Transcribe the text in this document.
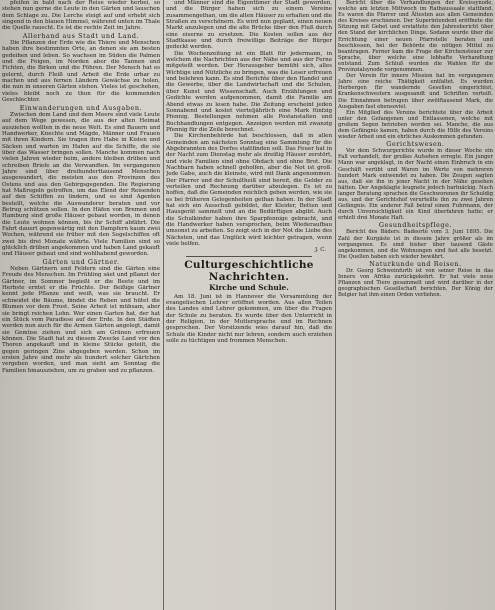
pfeifen in bald nach der Reise wieder herbei, so stehen nun gerne die Leute in den Gärten und lauschen dem Schlage zu. Die Lerche steigt auf und erhebt sich singend in den blauen Himmel, während unten im Thale die Quelle rauscht. Es ist die rechte Zeit im Jahre.

Allerhand aus Stadt und Land.

Die Pflanzen der Erde wie die Thiere und Menschen haben ihre bestimmten Orte, an denen sie am besten gedeihen und leben. So wachsen im Süden die Palmen und die Feigen, im Norden aber die Tannen und Fichten, die Birken und die Föhren. Der Mensch hat es gelernt, durch Fleiß und Arbeit die Erde urbar zu machen und aus fernen Ländern Gewächse zu holen, die nun in unseren Gärten stehen. Vieles ist geschehen, vieles bleibt noch zu thun für die kommenden Geschlechter.

Einwanderungen und Ausgaben.

Zwischen dem Land und dem Meere sind viele Leute auf dem Wege gewesen, die aus der alten Heimat ausziehen wollten in die neue Welt. Es sind Bauern und Handwerker, Knechte und Mägde, Männer und Frauen mit ihren Kindern. Sie tragen ihre Habe in Kisten und Säcken und warten im Hafen auf die Schiffe, die sie über das Wasser bringen sollen. Manche kommen nach vielen Jahren wieder heim, andere bleiben drüben und schreiben Briefe an die Verwandten. Im vergangenen Jahre sind über dreihunderttausend Menschen ausgewandert, die meisten aus den Provinzen des Ostens und aus den Gebirgsgegenden. Die Regierung hat Maßregeln getroffen, um das Elend der Reisenden auf den Schiffen zu lindern, und es sind Agenten bestellt, welche die Auswanderer beraten und vor Betrug schützen sollen. In den Häfen von Bremen und Hamburg sind große Häuser gebaut worden, in denen die Leute wohnen können, bis ihr Schiff abfährt. Die Fahrt dauert gegenwärtig mit den Dampfern kaum zwei Wochen, während sie früher mit den Segelschiffen oft zwei bis drei Monate währte. Viele Familien sind so glücklich drüben angekommen und haben Land gekauft und Häuser gebaut und sind wohlhabend geworden.

Gärten und Gärtner.

Neben Gärtnern und Feldern sind die Gärten eine Freude des Menschen. Im Frühling säet und pflanzt der Gärtner, im Sommer begießt er die Beete und im Herbste erntet er die Früchte. Der fleißige Gärtner kennt jede Pflanze und weiß, was sie braucht. Er schneidet die Bäume, bindet die Reben und hütet die Blumen vor dem Frost. Seine Arbeit ist mühsam, aber sie bringt reichen Lohn. Wer einen Garten hat, der hat ein Stück vom Paradiese auf der Erde. In den Städten werden nun auch für die Armen Gärten angelegt, damit sie Gemüse ziehen und sich am Grünen erfreuen können. Die Stadt hat zu diesem Zwecke Land vor den Thoren angekauft und in kleine Stücke geteilt, die gegen geringen Zins abgegeben werden. Schon im ersten Jahre sind mehr als hundert solcher Gärtchen vergeben worden, und man sieht am Sonntag die Familien hinausziehen, um zu graben und zu pflanzen.

und Männer sind die Eigentümer der Stadt geworden, und die Bürger haben sich zu einem Vereine zusammengethan, um die alten Häuser zu erhalten und die Straßen zu verschönern. Es wird nun geplant, einen neuen Markt anzulegen und die alte Brücke über den Fluß durch eine eiserne zu ersetzen. Die Kosten sollen aus der Stadtkasse und durch freiwillige Beiträge der Bürger gedeckt werden.

Die Wochenzeitung ist ein Blatt für jedermann, in welchem die Nachrichten aus der Nähe und aus der Ferne mitgeteilt werden. Der Herausgeber bemüht sich, alles Wichtige und Nützliche zu bringen, was die Leser erfreuen und belehren kann. Es sind Berichte über den Handel und die Gewerbe, über die Landwirtschaft und die Schulen, über Kunst und Wissenschaft. Auch Erzählungen und Gedichte werden aufgenommen, damit die Familie am Abend etwas zu lesen habe. Die Zeitung erscheint jeden Sonnabend und kostet vierteljährlich eine Mark fünfzig Pfennig. Bestellungen nehmen alle Postanstalten und Buchhandlungen entgegen. Anzeigen werden mit zwanzig Pfennig für die Zeile berechnet.

Die Kirchenbehörde hat beschlossen, daß in allen Gemeinden am nächsten Sonntag eine Sammlung für die Abgebrannten des Dorfes stattfinden soll. Das Feuer hat in der Nacht zum Dienstag mehr als dreißig Häuser zerstört, und viele Familien sind ohne Obdach und ohne Brot. Die Nachbarn haben schnell geholfen, aber die Not ist groß. Jede Gabe, auch die kleinste, wird mit Dank angenommen. Der Pfarrer und der Schultheiß sind bereit, die Gelder zu verteilen und Rechnung darüber abzulegen. Es ist zu hoffen, daß die Gemeinden reichlich geben werden, wie sie es bei früheren Gelegenheiten gethan haben. In der Stadt hat sich ein Ausschuß gebildet, der Kleider, Betten und Hausgerät sammelt und an die Bedürftigen abgibt. Auch die Schulkinder haben ihre Sparpfennige gebracht, und die Handwerker haben versprochen, beim Wiederaufbau umsonst zu arbeiten. So zeigt sich in der Not die Liebe des Nächsten, und das Unglück wird leichter getragen, wenn viele helfen.

J. C.
Culturgeschichtliche Nachrichten.
Kirche und Schule.

Am 18. Juni ist in Hannover die Versammlung der evangelischen Lehrer eröffnet worden. Aus allen Teilen des Landes sind Lehrer gekommen, um über die Fragen der Schule zu beraten. Es wurde über den Unterricht in der Religion, in der Muttersprache und im Rechnen gesprochen. Der Vorsitzende wies darauf hin, daß die Schule die Kinder nicht nur lehren, sondern auch erziehen solle zu tüchtigen und frommen Menschen.

Bericht über die Verhandlungen der Kreissynode, welche am letzten Mittwoch im Rathaussaale stattfand. Es waren die Pfarrer und Ältesten aus allen Gemeinden des Kreises erschienen. Der Superintendent eröffnete die Sitzung mit Gebet und erstattete den Jahresbericht über den Stand der kirchlichen Dinge. Sodann wurde über die Errichtung einer neuen Pfarrstelle beraten und beschlossen, bei der Behörde die nötigen Mittel zu beantragen. Ferner kam die Frage der Kirchensteuer zur Sprache, über welche eine lebhafte Verhandlung entstand. Zum Schluß wurden die Wahlen für die Provinzialsynode vorgenommen.

Der Verein für innere Mission hat im vergangenen Jahre eine reiche Thätigkeit entfaltet. Es wurden Herbergen für wandernde Gesellen eingerichtet, Krankenschwestern ausgesandt und Schriften verteilt. Die Einnahmen betrugen über zwölftausend Mark, die Ausgaben fast ebensoviel.

Ein Mitglied des Vereins berichtete über die Arbeit unter den Gefangenen und Entlassenen, welche mit großem Segen betrieben worden sei. Manche, die aus dem Gefängnis kamen, haben durch die Hilfe des Vereins wieder Arbeit und ein ehrliches Auskommen gefunden.

Gerichtswesen.

Vor dem Schwurgerichte wurde in dieser Woche ein Fall verhandelt, der großes Aufsehen erregte. Ein junger Mann war angeklagt, in der Nacht einen Einbruch in ein Geschäft verübt und Waren im Werte von mehreren hundert Mark entwendet zu haben. Die Zeugen sagten aus, daß sie ihn in jener Nacht in der Nähe gesehen hätten. Der Angeklagte leugnete jedoch hartnäckig. Nach langer Beratung sprachen die Geschworenen ihr Schuldig aus, und der Gerichtshof verurteilte ihn zu zwei Jahren Gefängnis. Ein anderer Fall betraf einen Fuhrmann, der durch Unvorsichtigkeit ein Kind überfahren hatte; er erhielt drei Monate Haft.

Gesundheitspflege.

Bericht des Bäders: Badeorte vom 3. Juni 1895. Die Zahl der Kurgäste ist in diesem Jahre größer als im vergangenen. Es sind bisher über tausend Gäste angekommen, und die Wohnungen sind fast alle besetzt. Die Quellen haben sich wieder bewährt.

Naturkunde und Reisen.

Dr. Georg Schweinfurth ist von seiner Reise in das Innere von Afrika zurückgekehrt. Er hat viele neue Pflanzen und Tiere gesammelt und wird darüber in der geographischen Gesellschaft berichten. Der König der Belgier hat ihm einen Orden verliehen.
